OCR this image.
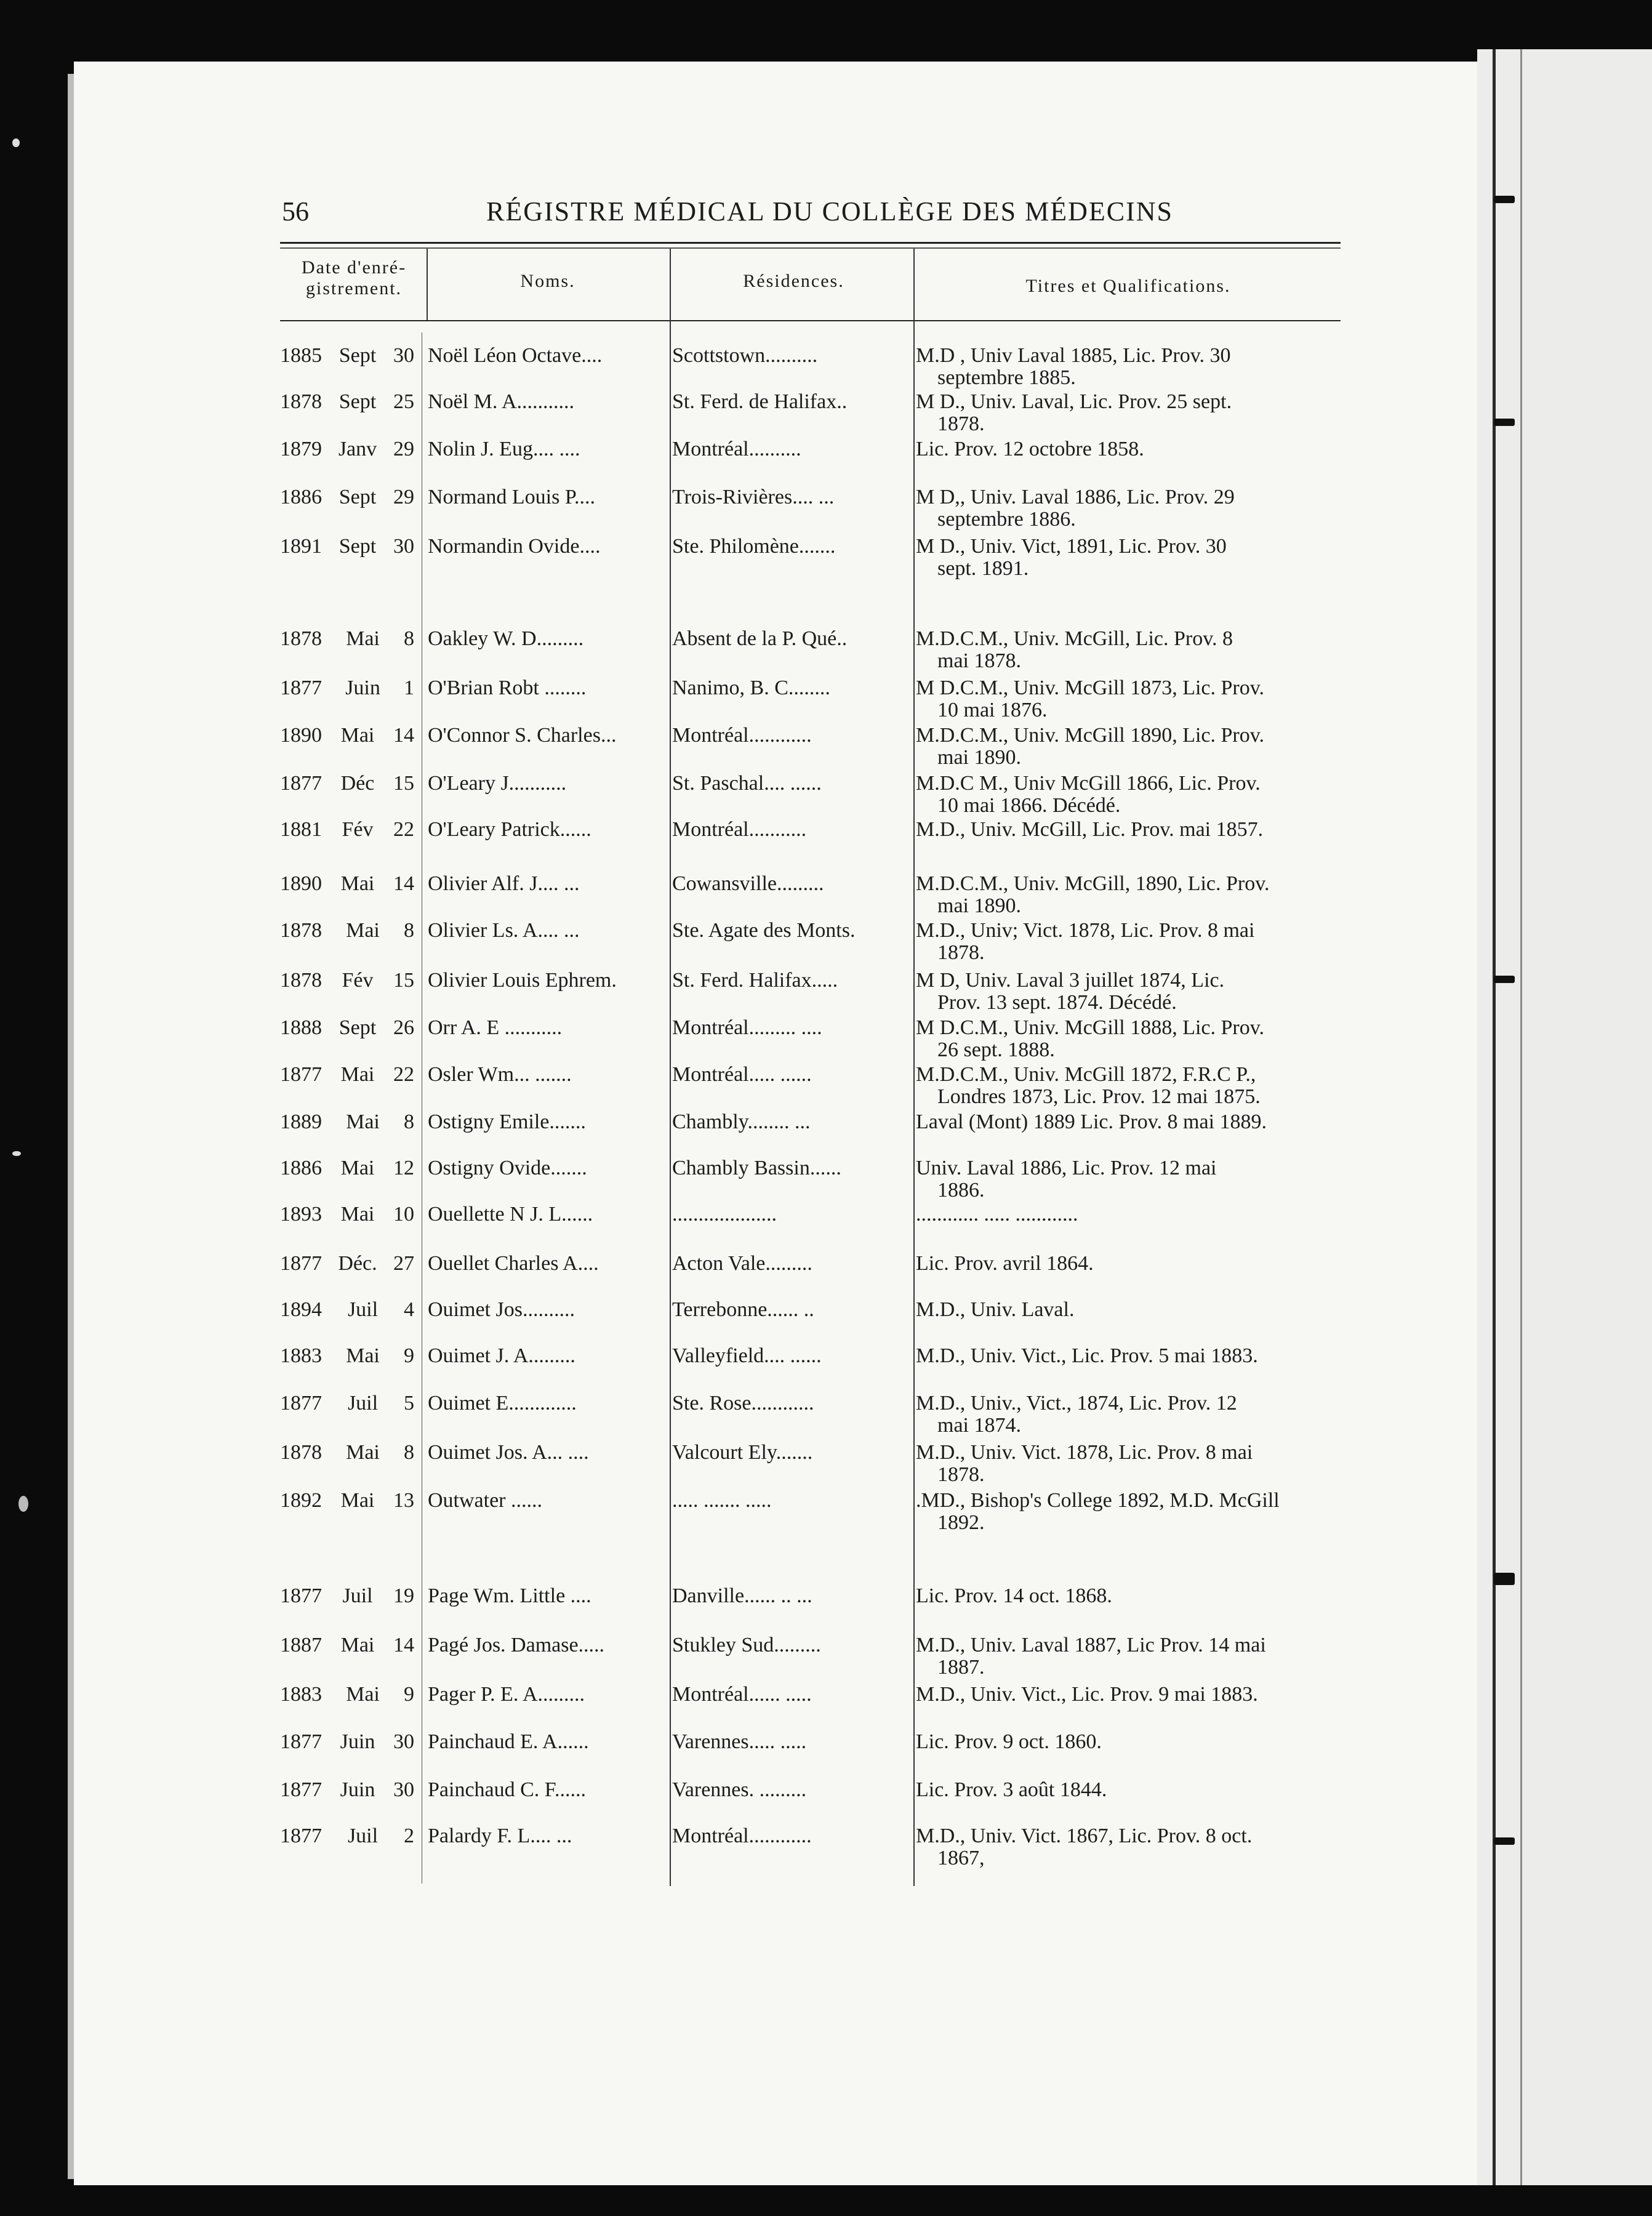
56	RÉGISTRE MÉDICAL DU COLLÈGE DES MÉDECINS
Date d'enré-
gistrement.	Noms.	Résidences.	Titres et Qualifications.
1885 Sept 30 Noël Léon Octave....	Scottstown..........	M.D , Univ Laval 1885, Lic. Prov. 30
septembre 1885.
1878 Sept 25 Noël M. A...........	St. Ferd. de Halifax..	M D., Univ. Laval, Lic. Prov. 25 sept.
1878.
1879 Janv 29 Nolin J. Eug.... ....	Montréal..........	Lic. Prov. 12 octobre 1858.
1886 Sept 29 Normand Louis P....	Trois-Rivières.... ...	M D,, Univ. Laval 1886, Lic. Prov. 29
septembre 1886.
1891 Sept 30 Normandin Ovide....	Ste. Philomène.......	M D., Univ. Vict, 1891, Lic. Prov. 30
sept. 1891.
1878 Mai 8 Oakley W. D.........	Absent de la P. Qué..	M.D.C.M., Univ. McGill, Lic. Prov. 8
mai 1878.
1877 Juin 1 O'Brian Robt ........	Nanimo, B. C........	M D.C.M., Univ. McGill 1873, Lic. Prov.
10 mai 1876.
1890 Mai 14 O'Connor S. Charles...	Montréal............	M.D.C.M., Univ. McGill 1890, Lic. Prov.
mai 1890.
1877 Déc 15 O'Leary J...........	St. Paschal.... ......	M.D.C M., Univ McGill 1866, Lic. Prov.
10 mai 1866. Décédé.
1881 Fév 22 O'Leary Patrick......	Montréal...........	M.D., Univ. McGill, Lic. Prov. mai 1857.
1890 Mai 14 Olivier Alf. J.... ...	Cowansville.........	M.D.C.M., Univ. McGill, 1890, Lic. Prov.
mai 1890.
1878 Mai 8 Olivier Ls. A.... ...	Ste. Agate des Monts.	M.D., Univ; Vict. 1878, Lic. Prov. 8 mai
1878.
1878 Fév 15 Olivier Louis Ephrem.	St. Ferd. Halifax.....	M D, Univ. Laval 3 juillet 1874, Lic.
Prov. 13 sept. 1874. Décédé.
1888 Sept 26 Orr A. E ...........	Montréal......... ....	M D.C.M., Univ. McGill 1888, Lic. Prov.
26 sept. 1888.
1877 Mai 22 Osler Wm... .......	Montréal..... ......	M.D.C.M., Univ. McGill 1872, F.R.C P.,
Londres 1873, Lic. Prov. 12 mai 1875.
1889 Mai 8 Ostigny Emile.......	Chambly........ ...	Laval (Mont) 1889 Lic. Prov. 8 mai 1889.
1886 Mai 12 Ostigny Ovide.......	Chambly Bassin......	Univ. Laval 1886, Lic. Prov. 12 mai
1886.
1893 Mai 10 Ouellette N J. L......	....................	............ ..... ............
1877 Déc. 27 Ouellet Charles A....	Acton Vale.........	Lic. Prov. avril 1864.
1894 Juil 4 Ouimet Jos..........	Terrebonne...... ..	M.D., Univ. Laval.
1883 Mai 9 Ouimet J. A.........	Valleyfield.... ......	M.D., Univ. Vict., Lic. Prov. 5 mai 1883.
1877 Juil 5 Ouimet E.............	Ste. Rose............	M.D., Univ., Vict., 1874, Lic. Prov. 12
mai 1874.
1878 Mai 8 Ouimet Jos. A... ....	Valcourt Ely.......	M.D., Univ. Vict. 1878, Lic. Prov. 8 mai
1878.
1892 Mai 13 Outwater ......	..... ....... .....	.MD., Bishop's College 1892, M.D. McGill
1892.
1877 Juil 19 Page Wm. Little ....	Danville...... .. ...	Lic. Prov. 14 oct. 1868.
1887 Mai 14 Pagé Jos. Damase.....	Stukley Sud.........	M.D., Univ. Laval 1887, Lic Prov. 14 mai
1887.
1883 Mai 9 Pager P. E. A.........	Montréal...... .....	M.D., Univ. Vict., Lic. Prov. 9 mai 1883.
1877 Juin 30 Painchaud E. A......	Varennes..... .....	Lic. Prov. 9 oct. 1860.
1877 Juin 30 Painchaud C. F......	Varennes. .........	Lic. Prov. 3 août 1844.
1877 Juil 2 Palardy F. L.... ...	Montréal............	M.D., Univ. Vict. 1867, Lic. Prov. 8 oct.
1867,
